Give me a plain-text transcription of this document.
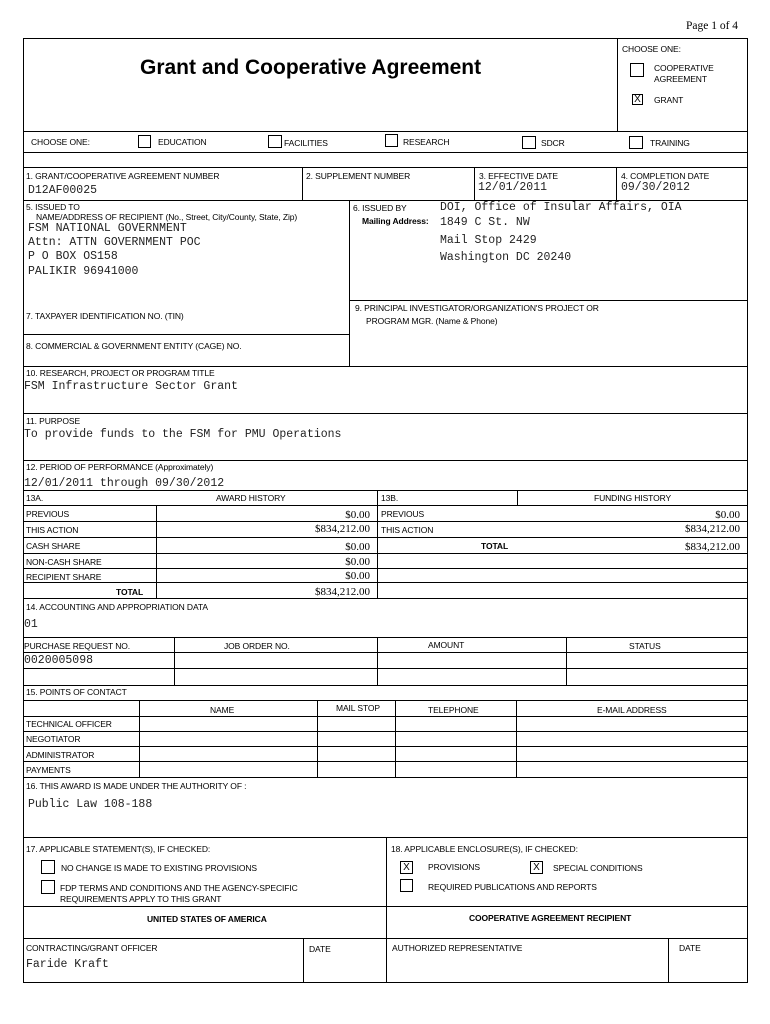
Page 1 of 4
Grant and Cooperative Agreement
CHOOSE ONE:
COOPERATIVE
AGREEMENT
X GRANT
CHOOSE ONE:	EDUCATION	FACILITIES	RESEARCH	SDCR	TRAINING
1. GRANT/COOPERATIVE AGREEMENT NUMBER
D12AF00025
2. SUPPLEMENT NUMBER	3. EFFECTIVE DATE
12/01/2011
4. COMPLETION DATE
09/30/2012
5. ISSUED TO
NAME/ADDRESS OF RECIPIENT (No., Street, City/County, State, Zip)
FSM NATIONAL GOVERNMENT
Attn: ATTN GOVERNMENT POC
P O BOX OS158
PALIKIR 96941000
6. ISSUED BY
Mailing Address:
DOI, Office of Insular Affairs, OIA
1849 C St. NW
Mail Stop 2429
Washington DC 20240
7. TAXPAYER IDENTIFICATION NO. (TIN)
8. COMMERCIAL & GOVERNMENT ENTITY (CAGE) NO.
9. PRINCIPAL INVESTIGATOR/ORGANIZATION'S PROJECT OR
PROGRAM MGR. (Name & Phone)
10. RESEARCH, PROJECT OR PROGRAM TITLE
FSM Infrastructure Sector Grant
11. PURPOSE
To provide funds to the FSM for PMU Operations
12. PERIOD OF PERFORMANCE (Approximately)
12/01/2011 through 09/30/2012
13A.	AWARD HISTORY
PREVIOUS	$0.00
THIS ACTION	$834,212.00
CASH SHARE	$0.00
NON-CASH SHARE	$0.00
RECIPIENT SHARE	$0.00
TOTAL	$834,212.00
13B.	FUNDING HISTORY
PREVIOUS	$0.00
THIS ACTION	$834,212.00
TOTAL	$834,212.00
14. ACCOUNTING AND APPROPRIATION DATA
01
PURCHASE REQUEST NO.	JOB ORDER NO.	AMOUNT	STATUS
0020005098
15. POINTS OF CONTACT
NAME	MAIL STOP	TELEPHONE	E-MAIL ADDRESS
TECHNICAL OFFICER
NEGOTIATOR
ADMINISTRATOR
PAYMENTS
16. THIS AWARD IS MADE UNDER THE AUTHORITY OF :
Public Law 108-188
17. APPLICABLE STATEMENT(S), IF CHECKED:
NO CHANGE IS MADE TO EXISTING PROVISIONS
FDP TERMS AND CONDITIONS AND THE AGENCY-SPECIFIC
REQUIREMENTS APPLY TO THIS GRANT
18. APPLICABLE ENCLOSURE(S), IF CHECKED:
X	PROVISIONS	X	SPECIAL CONDITIONS
REQUIRED PUBLICATIONS AND REPORTS
UNITED STATES OF AMERICA	COOPERATIVE AGREEMENT RECIPIENT
CONTRACTING/GRANT OFFICER	DATE
Faride Kraft
AUTHORIZED REPRESENTATIVE	DATE
